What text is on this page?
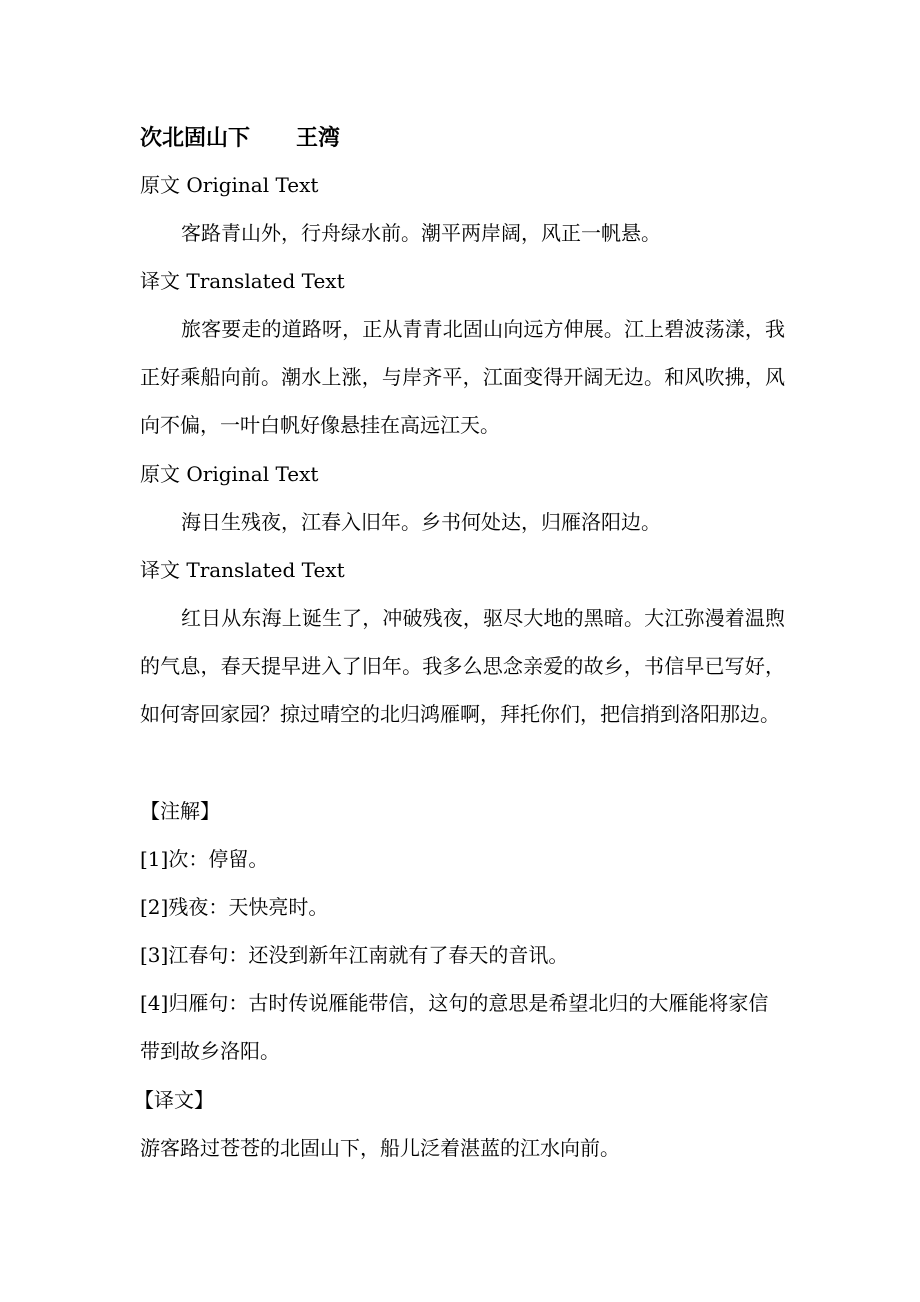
次北固山下 王湾
原文 Original Text
客路青山外，行舟绿水前。潮平两岸阔，风正一帆悬。
译文 Translated Text
旅客要走的道路呀，正从青青北固山向远方伸展。江上碧波荡漾，我正好乘船向前。潮水上涨，与岸齐平，江面变得开阔无边。和风吹拂，风向不偏，一叶白帆好像悬挂在高远江天。
原文 Original Text
海日生残夜，江春入旧年。乡书何处达，归雁洛阳边。
译文 Translated Text
红日从东海上诞生了，冲破残夜，驱尽大地的黑暗。大江弥漫着温煦的气息，春天提早进入了旧年。我多么思念亲爱的故乡，书信早已写好，如何寄回家园？掠过晴空的北归鸿雁啊，拜托你们，把信捎到洛阳那边。
【注解】
[1]次：停留。
[2]残夜：天快亮时。
[3]江春句：还没到新年江南就有了春天的音讯。
[4]归雁句：古时传说雁能带信，这句的意思是希望北归的大雁能将家信带到故乡洛阳。
【译文】
游客路过苍苍的北固山下，船儿泛着湛蓝的江水向前。
